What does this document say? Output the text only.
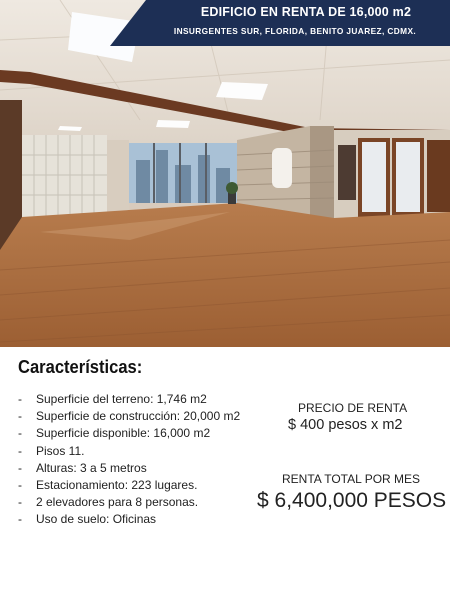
EDIFICIO EN RENTA DE 16,000 m2
INSURGENTES SUR, FLORIDA, BENITO JUAREZ, CDMX.
Características:
-	Superficie del terreno: 1,746 m2
-	Superficie de construcción: 20,000 m2
-	Superficie disponible: 16,000 m2
-	Pisos 11.
-	Alturas: 3 a 5 metros
-	Estacionamiento: 223 lugares.
-	2 elevadores para 8 personas.
-	Uso de suelo: Oficinas
PRECIO DE RENTA
$ 400 pesos x m2
RENTA TOTAL POR MES
$ 6,400,000 PESOS
